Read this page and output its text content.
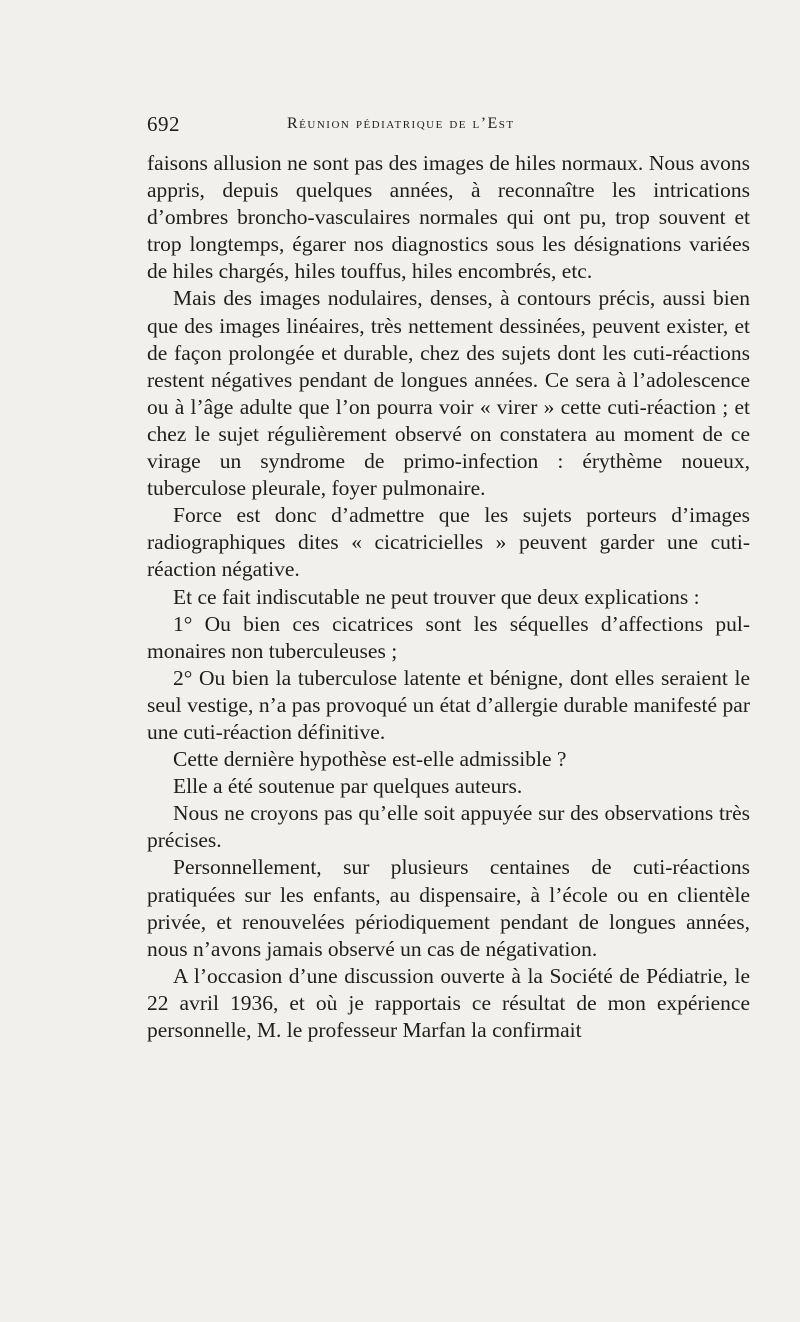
692	Réunion pédiatrique de l’Est

faisons allusion ne sont pas des images de hiles normaux. Nous avons appris, depuis quelques années, à reconnaître les intrications d’ombres broncho-vasculaires normales qui ont pu, trop souvent et trop longtemps, égarer nos diagnostics sous les désignations variées de hiles chargés, hiles touffus, hiles encombrés, etc.

Mais des images nodulaires, denses, à contours précis, aussi bien que des images linéaires, très nettement dessinées, peuvent exister, et de façon prolongée et durable, chez des sujets dont les cuti-réactions restent négatives pendant de longues années. Ce sera à l’adolescence ou à l’âge adulte que l’on pourra voir « virer » cette cuti-réaction ; et chez le sujet régulièrement observé on constatera au moment de ce virage un syndrome de primo-infection : érythème noueux, tuberculose pleurale, foyer pulmonaire.

Force est donc d’admettre que les sujets porteurs d’images radiographiques dites « cicatricielles » peuvent garder une cuti-réaction négative.

Et ce fait indiscutable ne peut trouver que deux explications :

1° Ou bien ces cicatrices sont les séquelles d’affections pulmonaires non tuberculeuses ;

2° Ou bien la tuberculose latente et bénigne, dont elles seraient le seul vestige, n’a pas provoqué un état d’allergie durable manifesté par une cuti-réaction définitive.

Cette dernière hypothèse est-elle admissible ?

Elle a été soutenue par quelques auteurs.

Nous ne croyons pas qu’elle soit appuyée sur des observations très précises.

Personnellement, sur plusieurs centaines de cuti-réactions pratiquées sur les enfants, au dispensaire, à l’école ou en clientèle privée, et renouvelées périodiquement pendant de longues années, nous n’avons jamais observé un cas de négativation.

A l’occasion d’une discussion ouverte à la Société de Pédiatrie, le 22 avril 1936, et où je rapportais ce résultat de mon expérience personnelle, M. le professeur Marfan la confirmait
